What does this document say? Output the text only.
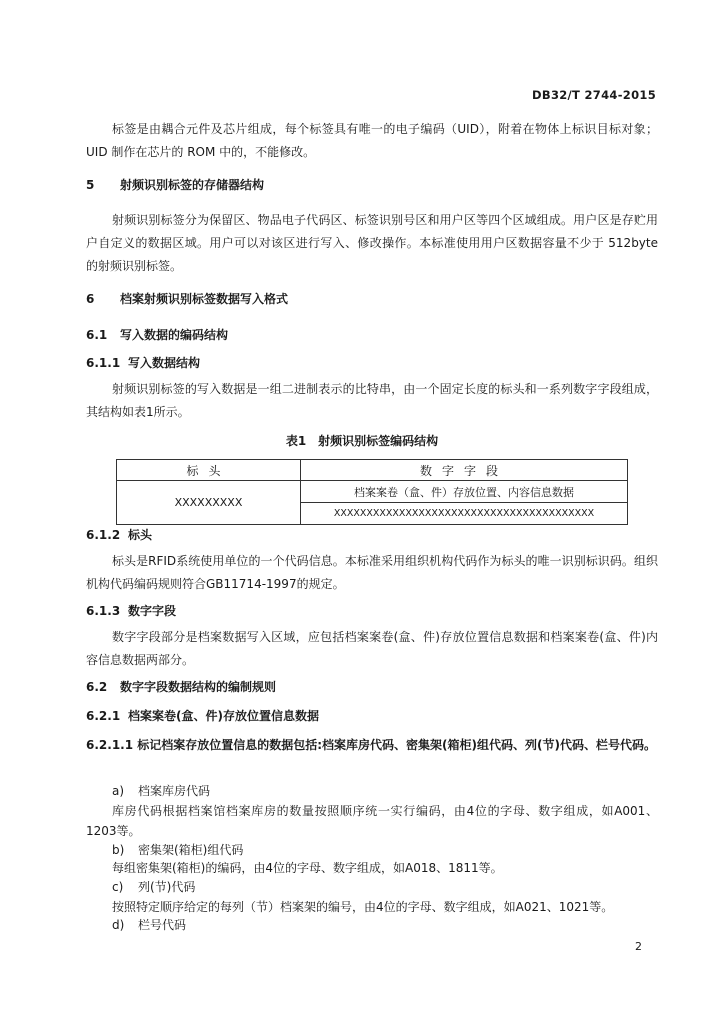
DB32/T 2744-2015
标签是由耦合元件及芯片组成，每个标签具有唯一的电子编码（UID），附着在物体上标识目标对象；UID 制作在芯片的 ROM 中的，不能修改。
5 射频识别标签的存储器结构
射频识别标签分为保留区、物品电子代码区、标签识别号区和用户区等四个区域组成。用户区是存贮用户自定义的数据区域。用户可以对该区进行写入、修改操作。本标准使用用户区数据容量不少于 512byte 的射频识别标签。
6 档案射频识别标签数据写入格式
6.1 写入数据的编码结构
6.1.1 写入数据结构
射频识别标签的写入数据是一组二进制表示的比特串，由一个固定长度的标头和一系列数字字段组成，其结构如表1所示。
表1　射频识别标签编码结构
标头	数字字段
XXXXXXXXX	档案案卷（盒、件）存放位置、内容信息数据
	XXXXXXXXXXXXXXXXXXXXXXXXXXXXXXXXXXXXXXXX
6.1.2 标头
标头是RFID系统使用单位的一个代码信息。本标准采用组织机构代码作为标头的唯一识别标识码。组织机构代码编码规则符合GB11714-1997的规定。
6.1.3 数字字段
数字字段部分是档案数据写入区域，应包括档案案卷(盒、件)存放位置信息数据和档案案卷(盒、件)内容信息数据两部分。
6.2 数字字段数据结构的编制规则
6.2.1 档案案卷(盒、件)存放位置信息数据
6.2.1.1 标记档案存放位置信息的数据包括:档案库房代码、密集架(箱柜)组代码、列(节)代码、栏号代码。
a) 档案库房代码
库房代码根据档案馆档案库房的数量按照顺序统一实行编码，由4位的字母、数字组成，如A001、1203等。
b) 密集架(箱柜)组代码
每组密集架(箱柜)的编码，由4位的字母、数字组成，如A018、1811等。
c) 列(节)代码
按照特定顺序给定的每列（节）档案架的编号，由4位的字母、数字组成，如A021、1021等。
d) 栏号代码
2
